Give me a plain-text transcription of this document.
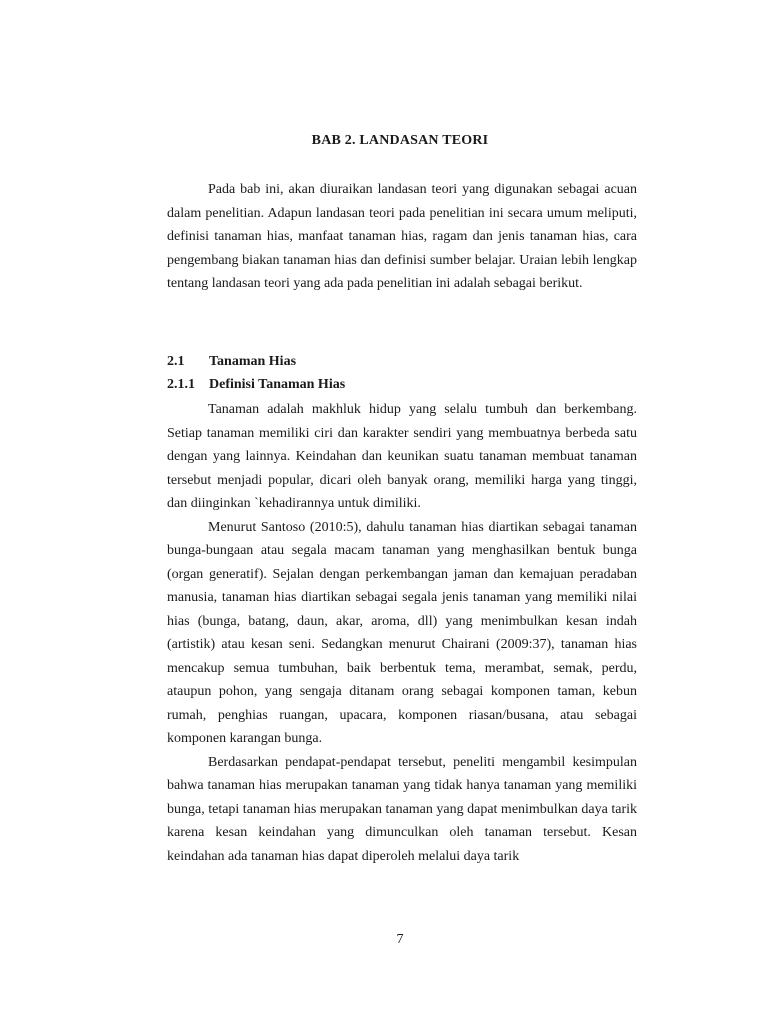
BAB 2. LANDASAN TEORI

Pada bab ini, akan diuraikan landasan teori yang digunakan sebagai acuan dalam penelitian. Adapun landasan teori pada penelitian ini secara umum meliputi, definisi tanaman hias, manfaat tanaman hias, ragam dan jenis tanaman hias, cara pengembang biakan tanaman hias dan definisi sumber belajar. Uraian lebih lengkap tentang landasan teori yang ada pada penelitian ini adalah sebagai berikut.

2.1 Tanaman Hias
2.1.1 Definisi Tanaman Hias

Tanaman adalah makhluk hidup yang selalu tumbuh dan berkembang. Setiap tanaman memiliki ciri dan karakter sendiri yang membuatnya berbeda satu dengan yang lainnya. Keindahan dan keunikan suatu tanaman membuat tanaman tersebut menjadi popular, dicari oleh banyak orang, memiliki harga yang tinggi, dan diinginkan `kehadirannya untuk dimiliki.

Menurut Santoso (2010:5), dahulu tanaman hias diartikan sebagai tanaman bunga-bungaan atau segala macam tanaman yang menghasilkan bentuk bunga (organ generatif). Sejalan dengan perkembangan jaman dan kemajuan peradaban manusia, tanaman hias diartikan sebagai segala jenis tanaman yang memiliki nilai hias (bunga, batang, daun, akar, aroma, dll) yang menimbulkan kesan indah (artistik) atau kesan seni. Sedangkan menurut Chairani (2009:37), tanaman hias mencakup semua tumbuhan, baik berbentuk tema, merambat, semak, perdu, ataupun pohon, yang sengaja ditanam orang sebagai komponen taman, kebun rumah, penghias ruangan, upacara, komponen riasan/busana, atau sebagai komponen karangan bunga.

Berdasarkan pendapat-pendapat tersebut, peneliti mengambil kesimpulan bahwa tanaman hias merupakan tanaman yang tidak hanya tanaman yang memiliki bunga, tetapi tanaman hias merupakan tanaman yang dapat menimbulkan daya tarik karena kesan keindahan yang dimunculkan oleh tanaman tersebut. Kesan keindahan ada tanaman hias dapat diperoleh melalui daya tarik

7
